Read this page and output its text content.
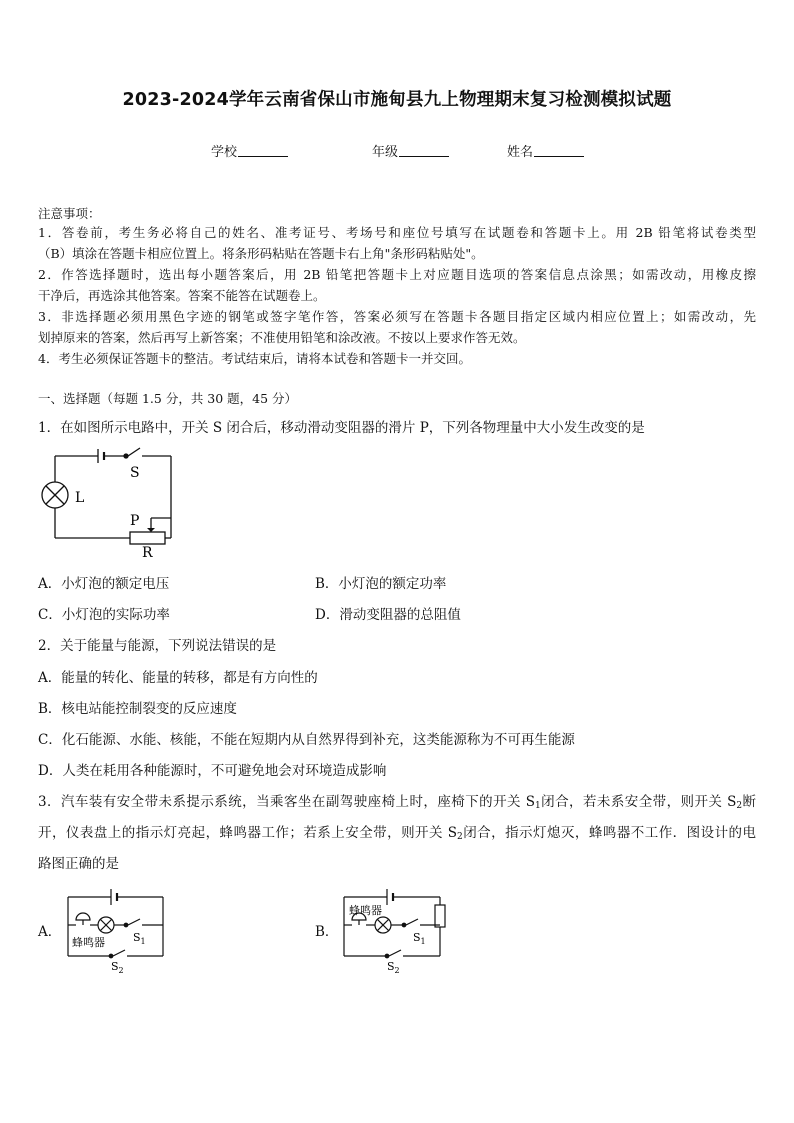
2023-2024学年云南省保山市施甸县九上物理期末复习检测模拟试题
学校	年级	姓名
注意事项：
1．答卷前，考生务必将自己的姓名、准考证号、考场号和座位号填写在试题卷和答题卡上。用 2B 铅笔将试卷类型
（B）填涂在答题卡相应位置上。将条形码粘贴在答题卡右上角"条形码粘贴处"。
2．作答选择题时，选出每小题答案后，用 2B 铅笔把答题卡上对应题目选项的答案信息点涂黑；如需改动，用橡皮擦
干净后，再选涂其他答案。答案不能答在试题卷上。
3．非选择题必须用黑色字迹的钢笔或签字笔作答，答案必须写在答题卡各题目指定区域内相应位置上；如需改动，先
划掉原来的答案，然后再写上新答案；不准使用铅笔和涂改液。不按以上要求作答无效。
4．考生必须保证答题卡的整洁。考试结束后，请将本试卷和答题卡一并交回。
一、选择题（每题 1.5 分，共 30 题，45 分）
1．在如图所示电路中，开关 S 闭合后，移动滑动变阻器的滑片 P，下列各物理量中大小发生改变的是
S
L
P
R
A．小灯泡的额定电压	B．小灯泡的额定功率
C．小灯泡的实际功率	D．滑动变阻器的总阻值
2．关于能量与能源，下列说法错误的是
A．能量的转化、能量的转移，都是有方向性的
B．核电站能控制裂变的反应速度
C．化石能源、水能、核能，不能在短期内从自然界得到补充，这类能源称为不可再生能源
D．人类在耗用各种能源时，不可避免地会对环境造成影响
3．汽车装有安全带未系提示系统，当乘客坐在副驾驶座椅上时，座椅下的开关 $S_1$闭合，若未系安全带，则开关 $S_2$断
开，仪表盘上的指示灯亮起，蜂鸣器工作；若系上安全带，则开关 $S_2$闭合，指示灯熄灭，蜂鸣器不工作．图设计的电
路图正确的是
A．
蜂鸣器	$S_1$
$S_2$
B．
蜂鸣器
$S_1$
$S_2$
